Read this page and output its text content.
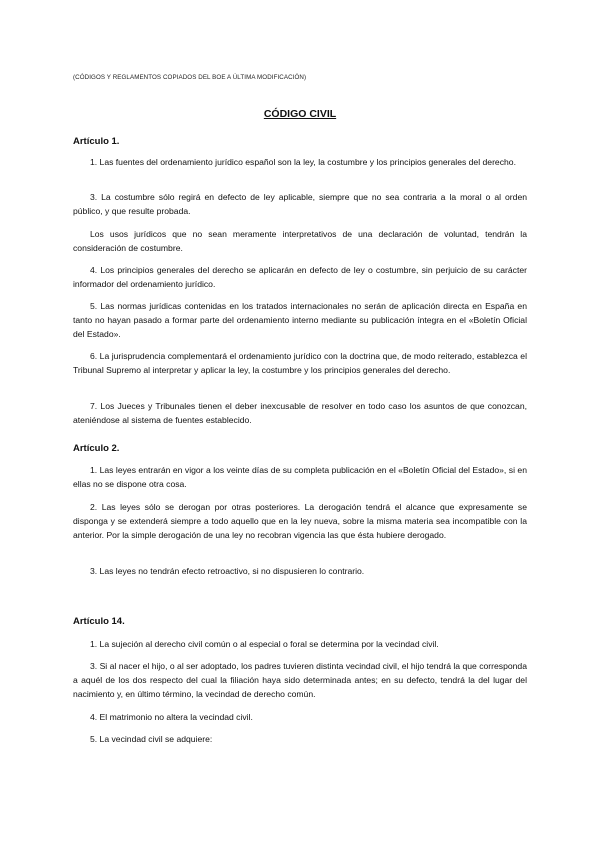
(CÓDIGOS Y REGLAMENTOS COPIADOS DEL BOE A ÚLTIMA MODIFICACIÓN)
CÓDIGO CIVIL
Artículo 1.
1. Las fuentes del ordenamiento jurídico español son la ley, la costumbre y los principios generales del derecho.
3. La costumbre sólo regirá en defecto de ley aplicable, siempre que no sea contraria a la moral o al orden público, y que resulte probada.
Los usos jurídicos que no sean meramente interpretativos de una declaración de voluntad, tendrán la consideración de costumbre.
4. Los principios generales del derecho se aplicarán en defecto de ley o costumbre, sin perjuicio de su carácter informador del ordenamiento jurídico.
5. Las normas jurídicas contenidas en los tratados internacionales no serán de aplicación directa en España en tanto no hayan pasado a formar parte del ordenamiento interno mediante su publicación íntegra en el «Boletín Oficial del Estado».
6. La jurisprudencia complementará el ordenamiento jurídico con la doctrina que, de modo reiterado, establezca el Tribunal Supremo al interpretar y aplicar la ley, la costumbre y los principios generales del derecho.
7. Los Jueces y Tribunales tienen el deber inexcusable de resolver en todo caso los asuntos de que conozcan, ateniéndose al sistema de fuentes establecido.
Artículo 2.
1. Las leyes entrarán en vigor a los veinte días de su completa publicación en el «Boletín Oficial del Estado», si en ellas no se dispone otra cosa.
2. Las leyes sólo se derogan por otras posteriores. La derogación tendrá el alcance que expresamente se disponga y se extenderá siempre a todo aquello que en la ley nueva, sobre la misma materia sea incompatible con la anterior. Por la simple derogación de una ley no recobran vigencia las que ésta hubiere derogado.
3. Las leyes no tendrán efecto retroactivo, si no dispusieren lo contrario.
Artículo 14.
1. La sujeción al derecho civil común o al especial o foral se determina por la vecindad civil.
3. Si al nacer el hijo, o al ser adoptado, los padres tuvieren distinta vecindad civil, el hijo tendrá la que corresponda a aquél de los dos respecto del cual la filiación haya sido determinada antes; en su defecto, tendrá la del lugar del nacimiento y, en último término, la vecindad de derecho común.
4. El matrimonio no altera la vecindad civil.
5. La vecindad civil se adquiere:
